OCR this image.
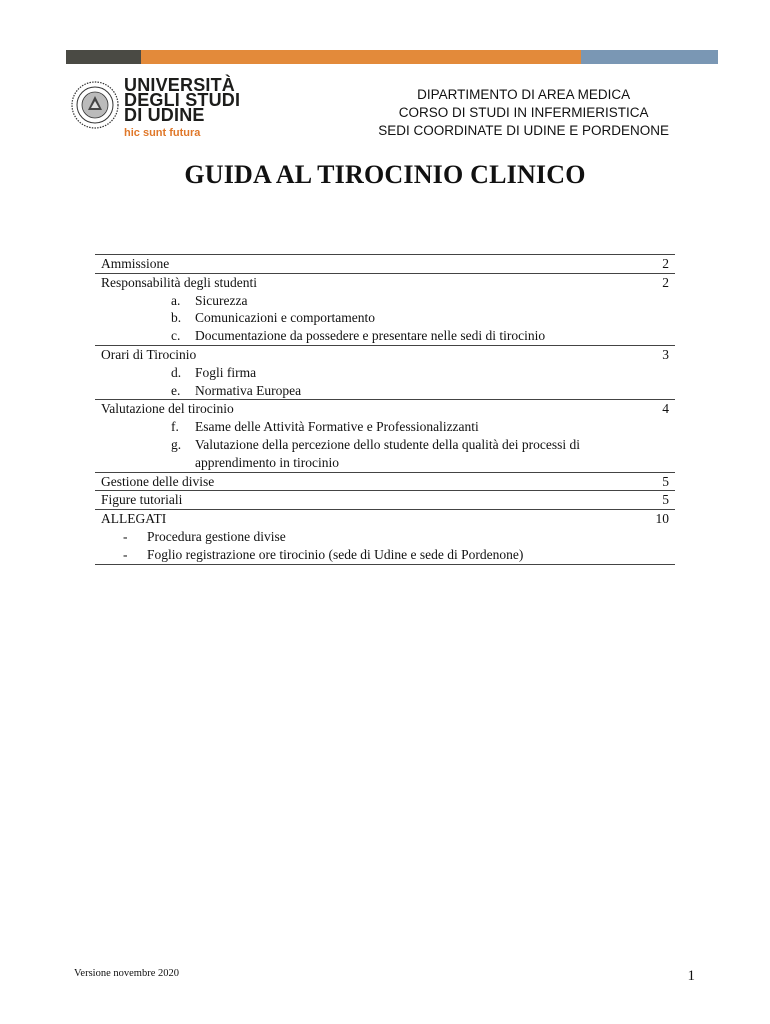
UNIVERSITÀ
DEGLI STUDI
DI UDINE
hic sunt futura
DIPARTIMENTO DI AREA MEDICA
CORSO DI STUDI IN INFERMIERISTICA
SEDI COORDINATE DI UDINE E PORDENONE
GUIDA AL TIROCINIO CLINICO
Ammissione	2
Responsabilità degli studenti	2
a. Sicurezza
b. Comunicazioni e comportamento
c. Documentazione da possedere e presentare nelle sedi di tirocinio
Orari di Tirocinio	3
d. Fogli firma
e. Normativa Europea
Valutazione del tirocinio	4
f. Esame delle Attività Formative e Professionalizzanti
g. Valutazione della percezione dello studente della qualità dei processi di apprendimento in tirocinio
Gestione delle divise	5
Figure tutoriali	5
ALLEGATI	10
- Procedura gestione divise
- Foglio registrazione ore tirocinio (sede di Udine e sede di Pordenone)
Versione novembre 2020	1
